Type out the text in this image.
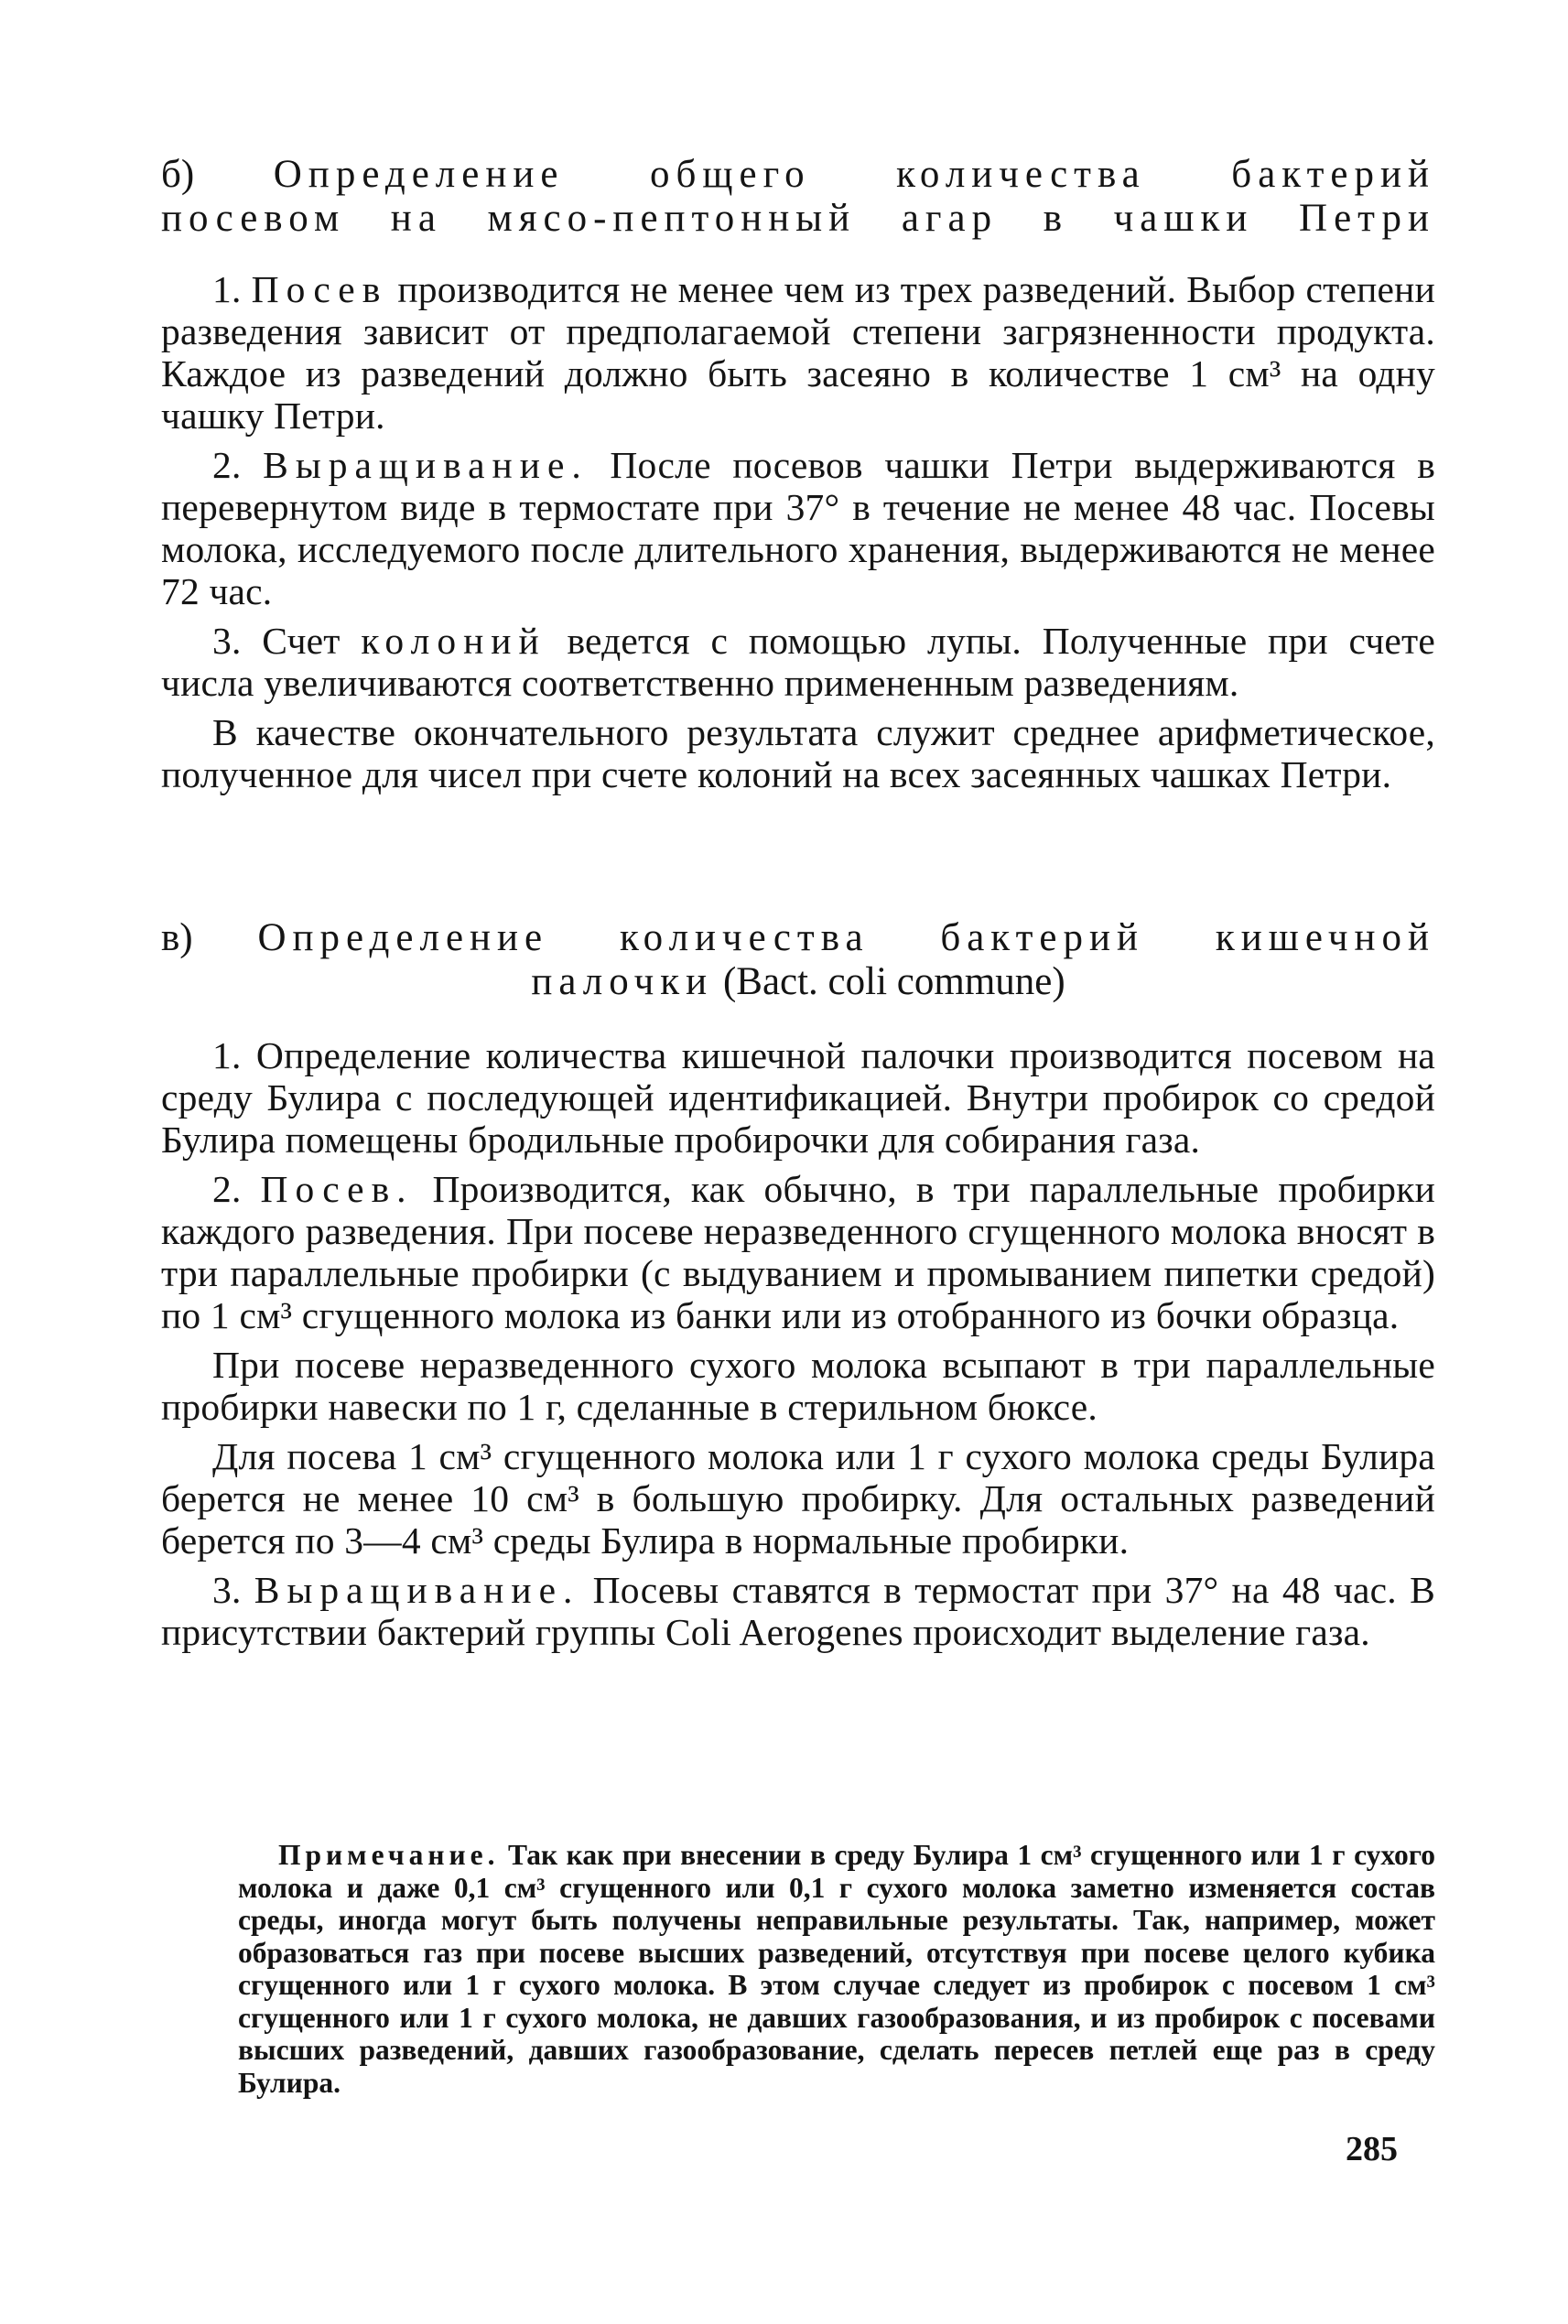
б) Определение общего количества бактерий
посевом на мясо-пептонный агар в чашки Петри

1. Посев производится не менее чем из трех разведений. Выбор степени разведения зависит от предполагаемой степени загрязненности продукта. Каждое из разведений должно быть засеяно в количестве 1 см³ на одну чашку Петри.

2. Выращивание. После посевов чашки Петри выдерживаются в перевернутом виде в термостате при 37° в течение не менее 48 час. Посевы молока, исследуемого после длительного хранения, выдерживаются не менее 72 час.

3. Счет колоний ведется с помощью лупы. Полученные при счете числа увеличиваются соответственно примененным разведениям.

В качестве окончательного результата служит среднее арифметическое, полученное для чисел при счете колоний на всех засеянных чашках Петри.

в) Определение количества бактерий кишечной
палочки (Bact. coli commune)

1. Определение количества кишечной палочки производится посевом на среду Булира с последующей идентификацией. Внутри пробирок со средой Булира помещены бродильные пробирочки для собирания газа.

2. Посев. Производится, как обычно, в три параллельные пробирки каждого разведения. При посеве неразведенного сгущенного молока вносят в три параллельные пробирки (с выдуванием и промыванием пипетки средой) по 1 см³ сгущенного молока из банки или из отобранного из бочки образца.

При посеве неразведенного сухого молока всыпают в три параллельные пробирки навески по 1 г, сделанные в стерильном бюксе.

Для посева 1 см³ сгущенного молока или 1 г сухого молока среды Булира берется не менее 10 см³ в большую пробирку. Для остальных разведений берется по 3—4 см³ среды Булира в нормальные пробирки.

3. Выращивание. Посевы ставятся в термостат при 37° на 48 час. В присутствии бактерий группы Coli Aerogenes происходит выделение газа.

Примечание. Так как при внесении в среду Булира 1 см³ сгущенного или 1 г сухого молока и даже 0,1 см³ сгущенного или 0,1 г сухого молока заметно изменяется состав среды, иногда могут быть получены неправильные результаты. Так, например, может образоваться газ при посеве высших разведений, отсутствуя при посеве целого кубика сгущенного или 1 г сухого молока. В этом случае следует из пробирок с посевом 1 см³ сгущенного или 1 г сухого молока, не давших газообразования, и из пробирок с посевами высших разведений, давших газообразование, сделать пересев петлей еще раз в среду Булира.

285
